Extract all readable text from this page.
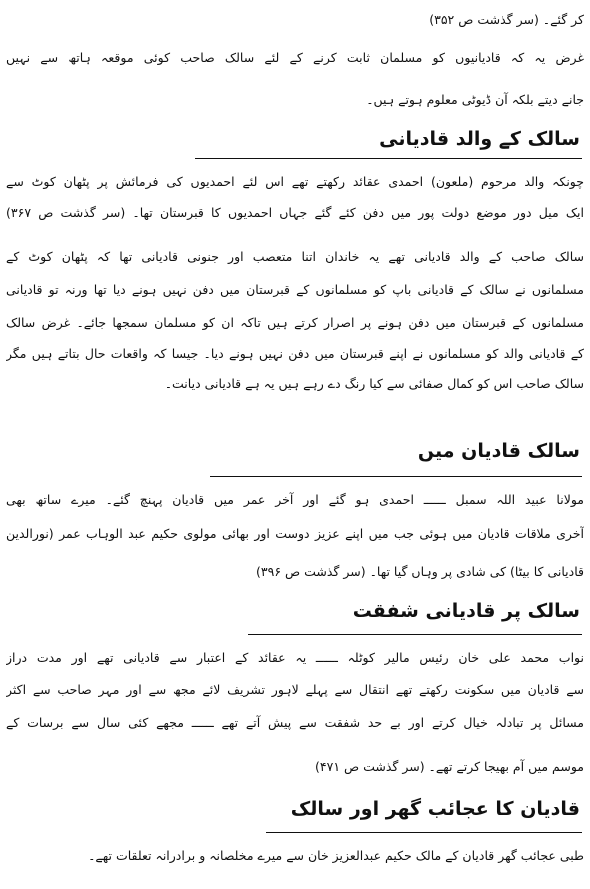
کر گئے۔ (سر گذشت ص ۳۵۲)
غرض یہ کہ قادیانیوں کو مسلمان ثابت کرنے کے لئے سالک صاحب کوئی موقعہ ہاتھ سے نہیں
جانے دیتے بلکہ آن ڈیوٹی معلوم ہوتے ہیں۔
سالک کے والد قادیانی
چونکہ والد مرحوم (ملعون) احمدی عقائد رکھتے تھے اس لئے احمدیوں کی فرمائش پر پٹھان کوٹ سے
ایک میل دور موضع دولت پور میں دفن کئے گئے جہاں احمدیوں کا قبرستان تھا۔ (سر گذشت ص ۳۶۷)
سالک صاحب کے والد قادیانی تھے یہ خاندان اتنا متعصب اور جنونی قادیانی تھا کہ پٹھان کوٹ کے
مسلمانوں نے سالک کے قادیانی باپ کو مسلمانوں کے قبرستان میں دفن نہیں ہونے دیا تھا ورنہ تو قادیانی
مسلمانوں کے قبرستان میں دفن ہونے پر اصرار کرتے ہیں تاکہ ان کو مسلمان سمجھا جائے۔ غرض سالک
کے قادیانی والد کو مسلمانوں نے اپنے قبرستان میں دفن نہیں ہونے دیا۔ جیسا کہ واقعات حال بتاتے ہیں مگر
سالک صاحب اس کو کمال صفائی سے کیا رنگ دے رہے ہیں یہ ہے قادیانی دیانت۔
سالک قادیان میں
مولانا عبید اللہ سمبل ــــــ احمدی ہو گئے اور آخر عمر میں قادیان پہنچ گئے۔ میرے ساتھ بھی
آخری ملاقات قادیان میں ہوئی جب میں اپنے عزیز دوست اور بھائی مولوی حکیم عبد الوہاب عمر (نورالدین
قادیانی کا بیٹا) کی شادی پر وہاں گیا تھا۔ (سر گذشت ص ۳۹۶)
سالک پر قادیانی شفقت
نواب محمد علی خان رئیس مالیر کوٹلہ ــــــ یہ عقائد کے اعتبار سے قادیانی تھے اور مدت دراز
سے قادیان میں سکونت رکھتے تھے انتقال سے پہلے لاہور تشریف لائے مجھ سے اور مہر صاحب سے اکثر
مسائل پر تبادلہ خیال کرتے اور بے حد شفقت سے پیش آتے تھے ــــــ مجھے کئی سال سے برسات کے
موسم میں آم بھیجا کرتے تھے۔ (سر گذشت ص ۴۷۱)
قادیان کا عجائب گھر اور سالک
طبی عجائب گھر قادیان کے مالک حکیم عبدالعزیز خان سے میرے مخلصانہ و برادرانہ تعلقات تھے۔
